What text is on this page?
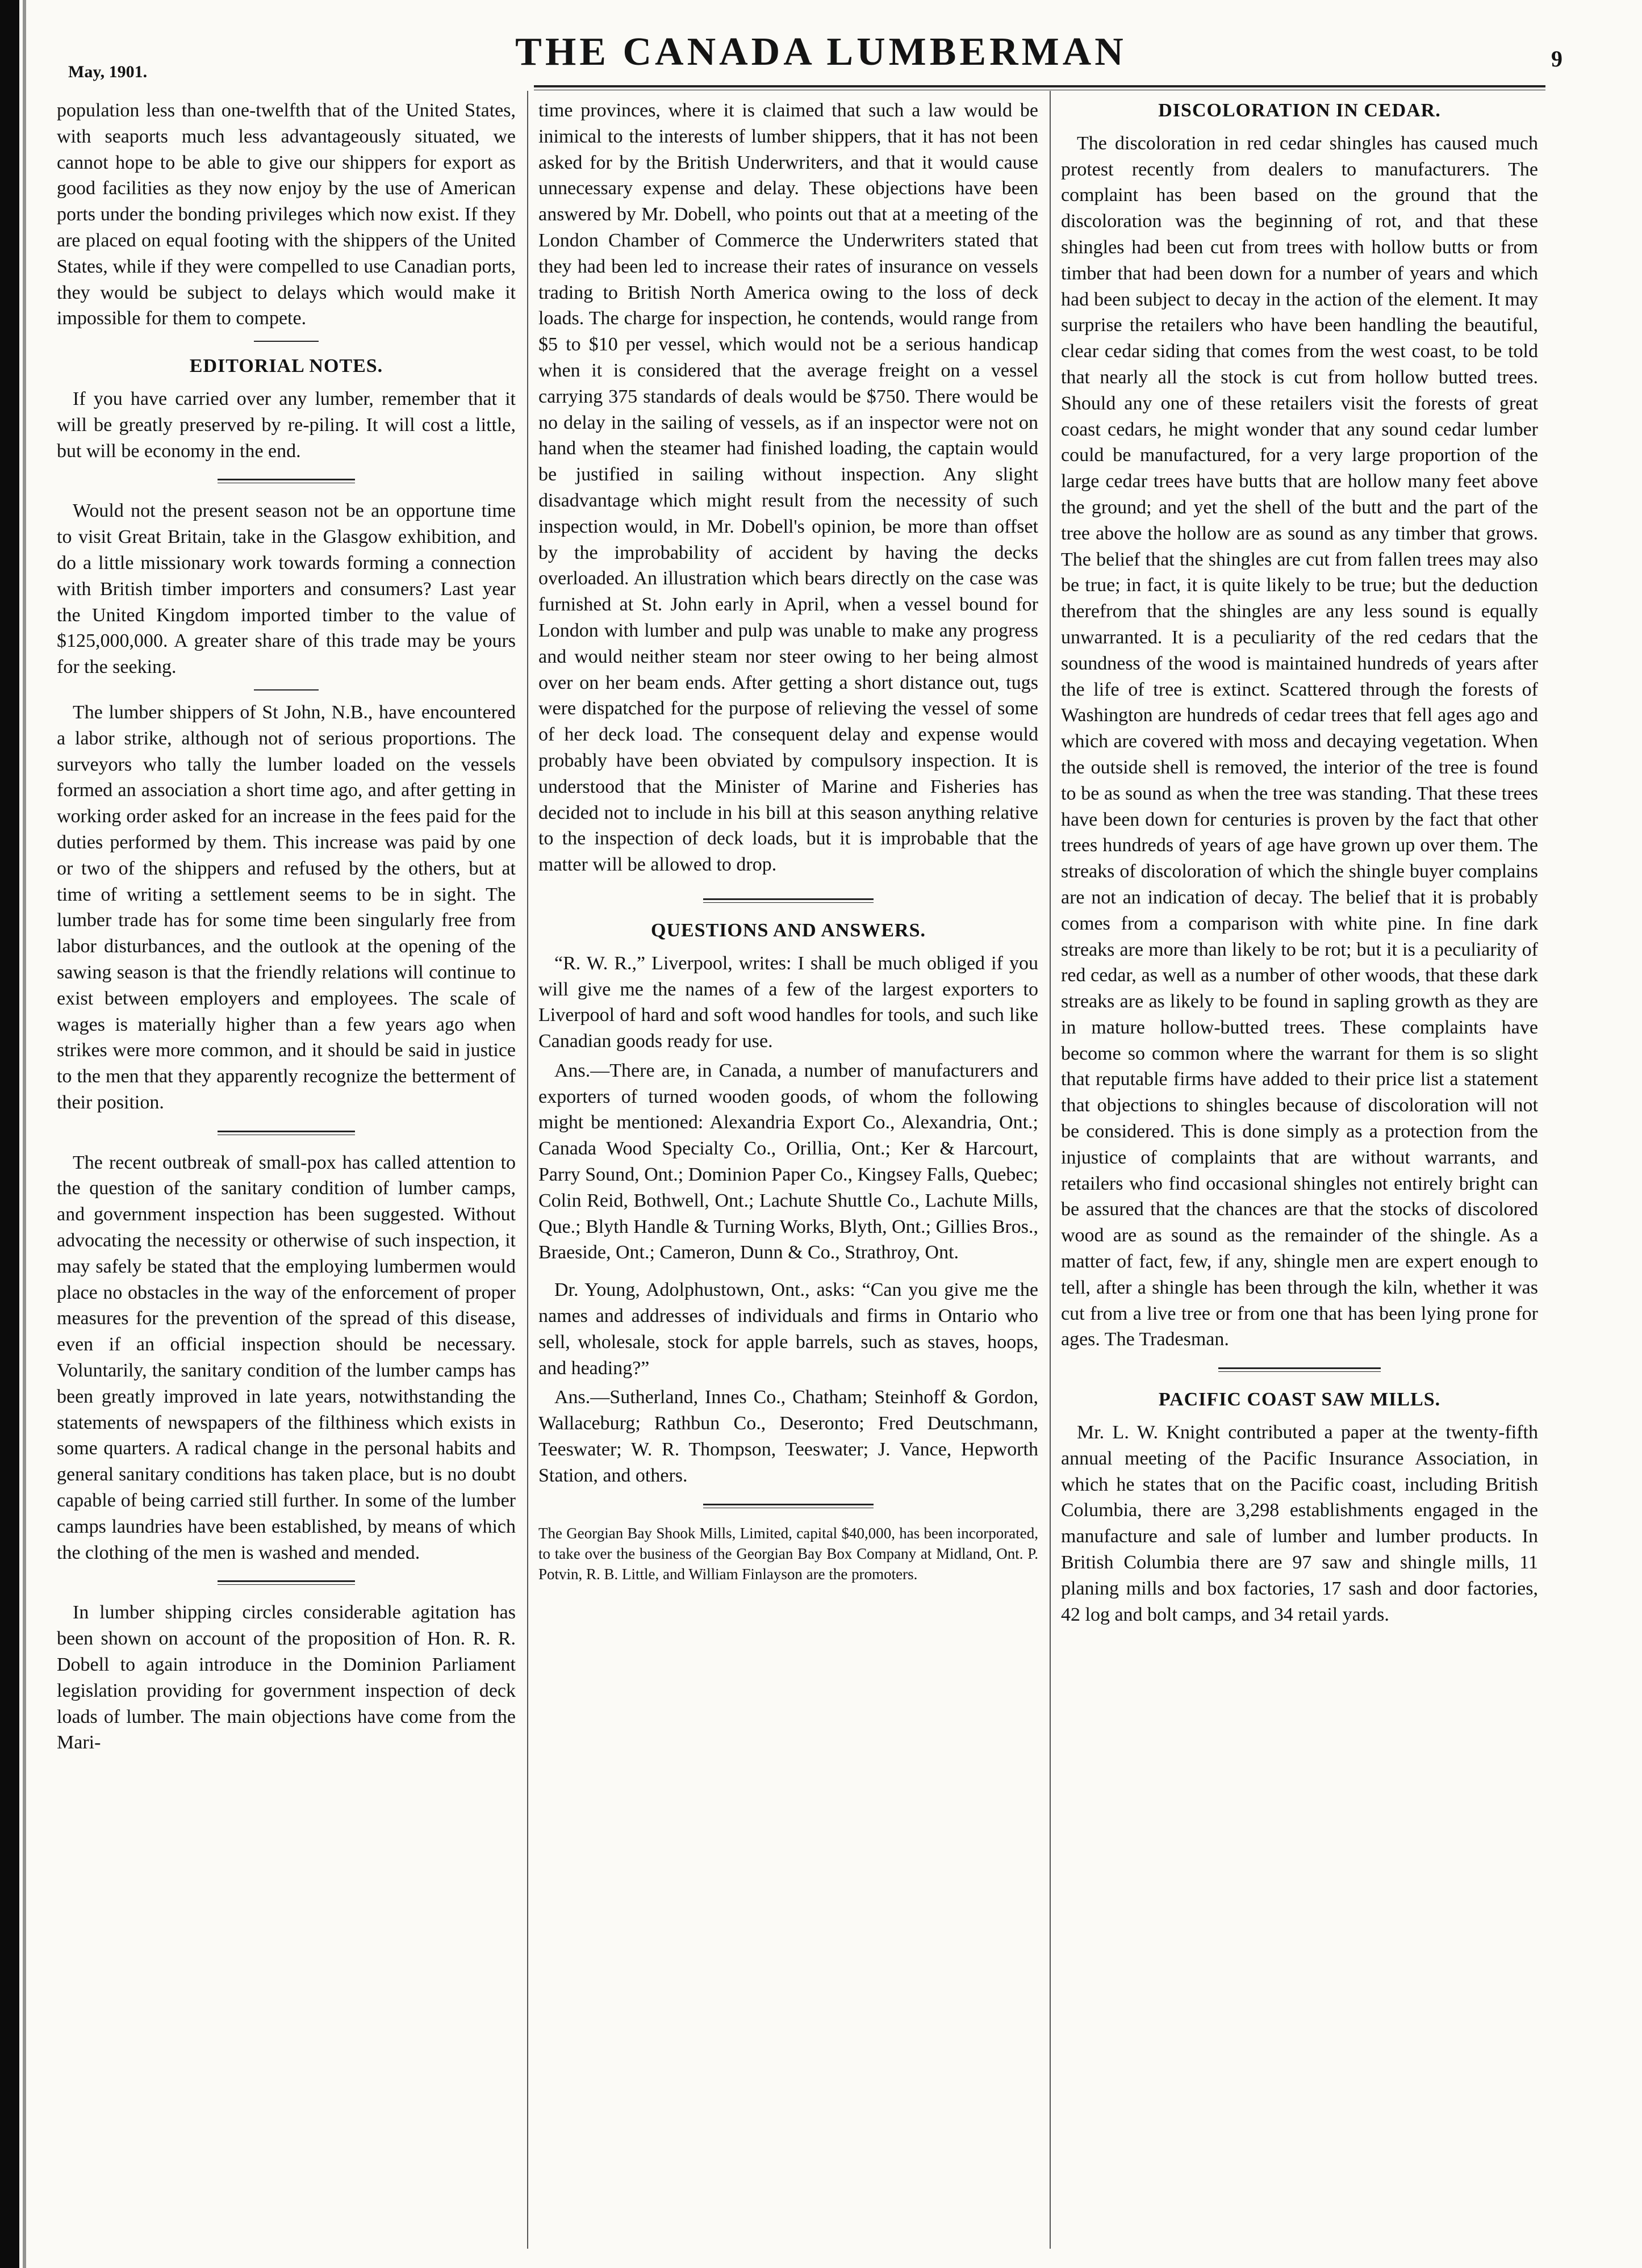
May, 1901.	THE CANADA LUMBERMAN	9

population less than one-twelfth that of the United States, with seaports much less advantageously situated, we cannot hope to be able to give our shippers for export as good facilities as they now enjoy by the use of American ports under the bonding privileges which now exist. If they are placed on equal footing with the shippers of the United States, while if they were compelled to use Canadian ports, they would be subject to delays which would make it impossible for them to compete.

EDITORIAL NOTES.

If you have carried over any lumber, remember that it will be greatly preserved by re-piling. It will cost a little, but will be economy in the end.

Would not the present season not be an opportune time to visit Great Britain, take in the Glasgow exhibition, and do a little missionary work towards forming a connection with British timber importers and consumers? Last year the United Kingdom imported timber to the value of $125,000,000. A greater share of this trade may be yours for the seeking.

The lumber shippers of St John, N.B., have encountered a labor strike, although not of serious proportions. The surveyors who tally the lumber loaded on the vessels formed an association a short time ago, and after getting in working order asked for an increase in the fees paid for the duties performed by them. This increase was paid by one or two of the shippers and refused by the others, but at time of writing a settlement seems to be in sight. The lumber trade has for some time been singularly free from labor disturbances, and the outlook at the opening of the sawing season is that the friendly relations will continue to exist between employers and employees. The scale of wages is materially higher than a few years ago when strikes were more common, and it should be said in justice to the men that they apparently recognize the betterment of their position.

The recent outbreak of small-pox has called attention to the question of the sanitary condition of lumber camps, and government inspection has been suggested. Without advocating the necessity or otherwise of such inspection, it may safely be stated that the employing lumbermen would place no obstacles in the way of the enforcement of proper measures for the prevention of the spread of this disease, even if an official inspection should be necessary. Voluntarily, the sanitary condition of the lumber camps has been greatly improved in late years, notwithstanding the statements of newspapers of the filthiness which exists in some quarters. A radical change in the personal habits and general sanitary conditions has taken place, but is no doubt capable of being carried still further. In some of the lumber camps laundries have been established, by means of which the clothing of the men is washed and mended.

In lumber shipping circles considerable agitation has been shown on account of the proposition of Hon. R. R. Dobell to again introduce in the Dominion Parliament legislation providing for government inspection of deck loads of lumber. The main objections have come from the Mari-

time provinces, where it is claimed that such a law would be inimical to the interests of lumber shippers, that it has not been asked for by the British Underwriters, and that it would cause unnecessary expense and delay. These objections have been answered by Mr. Dobell, who points out that at a meeting of the London Chamber of Commerce the Underwriters stated that they had been led to increase their rates of insurance on vessels trading to British North America owing to the loss of deck loads. The charge for inspection, he contends, would range from $5 to $10 per vessel, which would not be a serious handicap when it is considered that the average freight on a vessel carrying 375 standards of deals would be $750. There would be no delay in the sailing of vessels, as if an inspector were not on hand when the steamer had finished loading, the captain would be justified in sailing without inspection. Any slight disadvantage which might result from the necessity of such inspection would, in Mr. Dobell's opinion, be more than offset by the improbability of accident by having the decks overloaded. An illustration which bears directly on the case was furnished at St. John early in April, when a vessel bound for London with lumber and pulp was unable to make any progress and would neither steam nor steer owing to her being almost over on her beam ends. After getting a short distance out, tugs were dispatched for the purpose of relieving the vessel of some of her deck load. The consequent delay and expense would probably have been obviated by compulsory inspection. It is understood that the Minister of Marine and Fisheries has decided not to include in his bill at this season anything relative to the inspection of deck loads, but it is improbable that the matter will be allowed to drop.

QUESTIONS AND ANSWERS.

“R. W. R.,” Liverpool, writes: I shall be much obliged if you will give me the names of a few of the largest exporters to Liverpool of hard and soft wood handles for tools, and such like Canadian goods ready for use.

Ans.—There are, in Canada, a number of manufacturers and exporters of turned wooden goods, of whom the following might be mentioned: Alexandria Export Co., Alexandria, Ont.; Canada Wood Specialty Co., Orillia, Ont.; Ker & Harcourt, Parry Sound, Ont.; Dominion Paper Co., Kingsey Falls, Quebec; Colin Reid, Bothwell, Ont.; Lachute Shuttle Co., Lachute Mills, Que.; Blyth Handle & Turning Works, Blyth, Ont.; Gillies Bros., Braeside, Ont.; Cameron, Dunn & Co., Strathroy, Ont.

Dr. Young, Adolphustown, Ont., asks: “Can you give me the names and addresses of individuals and firms in Ontario who sell, wholesale, stock for apple barrels, such as staves, hoops, and heading?”

Ans.—Sutherland, Innes Co., Chatham; Steinhoff & Gordon, Wallaceburg; Rathbun Co., Deseronto; Fred Deutschmann, Teeswater; W. R. Thompson, Teeswater; J. Vance, Hepworth Station, and others.

The Georgian Bay Shook Mills, Limited, capital $40,000, has been incorporated, to take over the business of the Georgian Bay Box Company at Midland, Ont. P. Potvin, R. B. Little, and William Finlayson are the promoters.

DISCOLORATION IN CEDAR.

The discoloration in red cedar shingles has caused much protest recently from dealers to manufacturers. The complaint has been based on the ground that the discoloration was the beginning of rot, and that these shingles had been cut from trees with hollow butts or from timber that had been down for a number of years and which had been subject to decay in the action of the element. It may surprise the retailers who have been handling the beautiful, clear cedar siding that comes from the west coast, to be told that nearly all the stock is cut from hollow butted trees. Should any one of these retailers visit the forests of great coast cedars, he might wonder that any sound cedar lumber could be manufactured, for a very large proportion of the large cedar trees have butts that are hollow many feet above the ground; and yet the shell of the butt and the part of the tree above the hollow are as sound as any timber that grows. The belief that the shingles are cut from fallen trees may also be true; in fact, it is quite likely to be true; but the deduction therefrom that the shingles are any less sound is equally unwarranted. It is a peculiarity of the red cedars that the soundness of the wood is maintained hundreds of years after the life of tree is extinct. Scattered through the forests of Washington are hundreds of cedar trees that fell ages ago and which are covered with moss and decaying vegetation. When the outside shell is removed, the interior of the tree is found to be as sound as when the tree was standing. That these trees have been down for centuries is proven by the fact that other trees hundreds of years of age have grown up over them. The streaks of discoloration of which the shingle buyer complains are not an indication of decay. The belief that it is probably comes from a comparison with white pine. In fine dark streaks are more than likely to be rot; but it is a peculiarity of red cedar, as well as a number of other woods, that these dark streaks are as likely to be found in sapling growth as they are in mature hollow-butted trees. These complaints have become so common where the warrant for them is so slight that reputable firms have added to their price list a statement that objections to shingles because of discoloration will not be considered. This is done simply as a protection from the injustice of complaints that are without warrants, and retailers who find occasional shingles not entirely bright can be assured that the chances are that the stocks of discolored wood are as sound as the remainder of the shingle. As a matter of fact, few, if any, shingle men are expert enough to tell, after a shingle has been through the kiln, whether it was cut from a live tree or from one that has been lying prone for ages. The Tradesman.

PACIFIC COAST SAW MILLS.

Mr. L. W. Knight contributed a paper at the twenty-fifth annual meeting of the Pacific Insurance Association, in which he states that on the Pacific coast, including British Columbia, there are 3,298 establishments engaged in the manufacture and sale of lumber and lumber products. In British Columbia there are 97 saw and shingle mills, 11 planing mills and box factories, 17 sash and door factories, 42 log and bolt camps, and 34 retail yards.
